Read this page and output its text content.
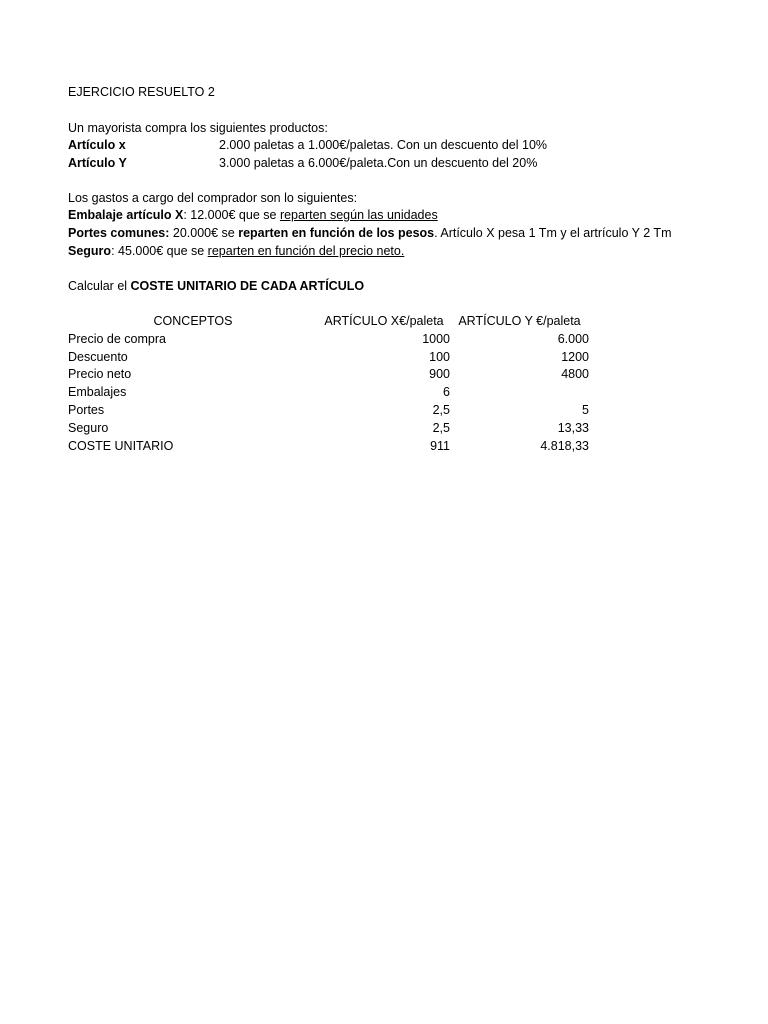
EJERCICIO RESUELTO 2
Un mayorista compra los siguientes productos:
Artículo x	2.000 paletas a 1.000€/paletas. Con un descuento del 10%
Artículo Y	3.000 paletas a 6.000€/paleta.Con un descuento del 20%
Los gastos a cargo del comprador son lo siguientes:
Embalaje artículo X: 12.000€ que se reparten según las unidades
Portes comunes: 20.000€ se reparten en función de los pesos. Artículo X pesa 1 Tm y el artrículo Y 2 Tm
Seguro: 45.000€ que se reparten en función del precio neto.
Calcular el COSTE UNITARIO DE CADA ARTÍCULO
CONCEPTOS	ARTÍCULO X€/paleta	ARTÍCULO Y €/paleta
Precio de compra	1000	6.000
Descuento	100	1200
Precio neto	900	4800
Embalajes	6	
Portes	2,5	5
Seguro	2,5	13,33
COSTE UNITARIO	911	4.818,33
